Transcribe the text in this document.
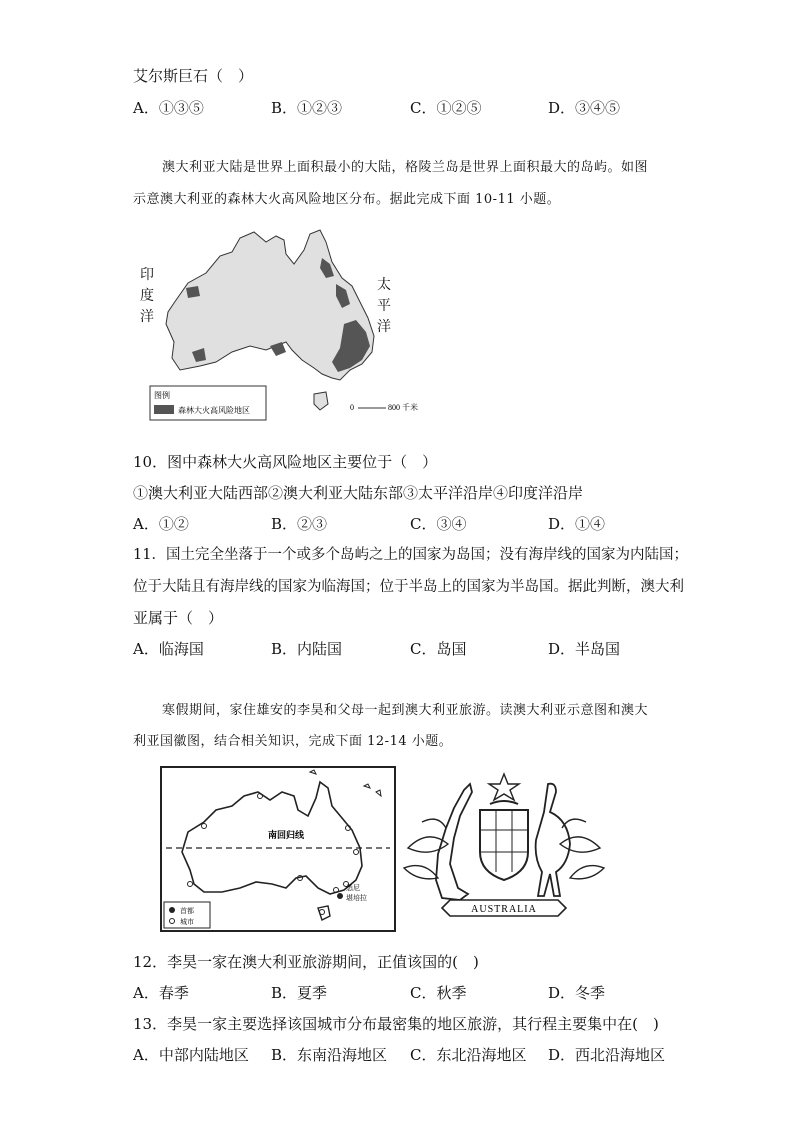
艾尔斯巨石（　）
A．①③⑤	B．①②③	C．①②⑤	D．③④⑤
澳大利亚大陆是世界上面积最小的大陆，格陵兰岛是世界上面积最大的岛屿。如图
示意澳大利亚的森林大火高风险地区分布。据此完成下面 10-11 小题。
图例
森林大火高风险地区	0	800 千米
印
度
洋
太
平
洋
10．图中森林大火高风险地区主要位于（　）
①澳大利亚大陆西部②澳大利亚大陆东部③太平洋沿岸④印度洋沿岸
A．①②	B．②③	C．③④	D．①④
11．国土完全坐落于一个或多个岛屿之上的国家为岛国；没有海岸线的国家为内陆国；
位于大陆且有海岸线的国家为临海国；位于半岛上的国家为半岛国。据此判断，澳大利
亚属于（　）
A．临海国	B．内陆国	C．岛国	D．半岛国
寒假期间，家住雄安的李昊和父母一起到澳大利亚旅游。读澳大利亚示意图和澳大
利亚国徽图，结合相关知识，完成下面 12-14 小题。
南回归线
悉尼
堪培拉
首都
城市
AUSTRALIA
12．李昊一家在澳大利亚旅游期间，正值该国的(　)
A．春季	B．夏季	C．秋季	D．冬季
13．李昊一家主要选择该国城市分布最密集的地区旅游，其行程主要集中在(　)
A．中部内陆地区 B．东南沿海地区 C．东北沿海地区 D．西北沿海地区
